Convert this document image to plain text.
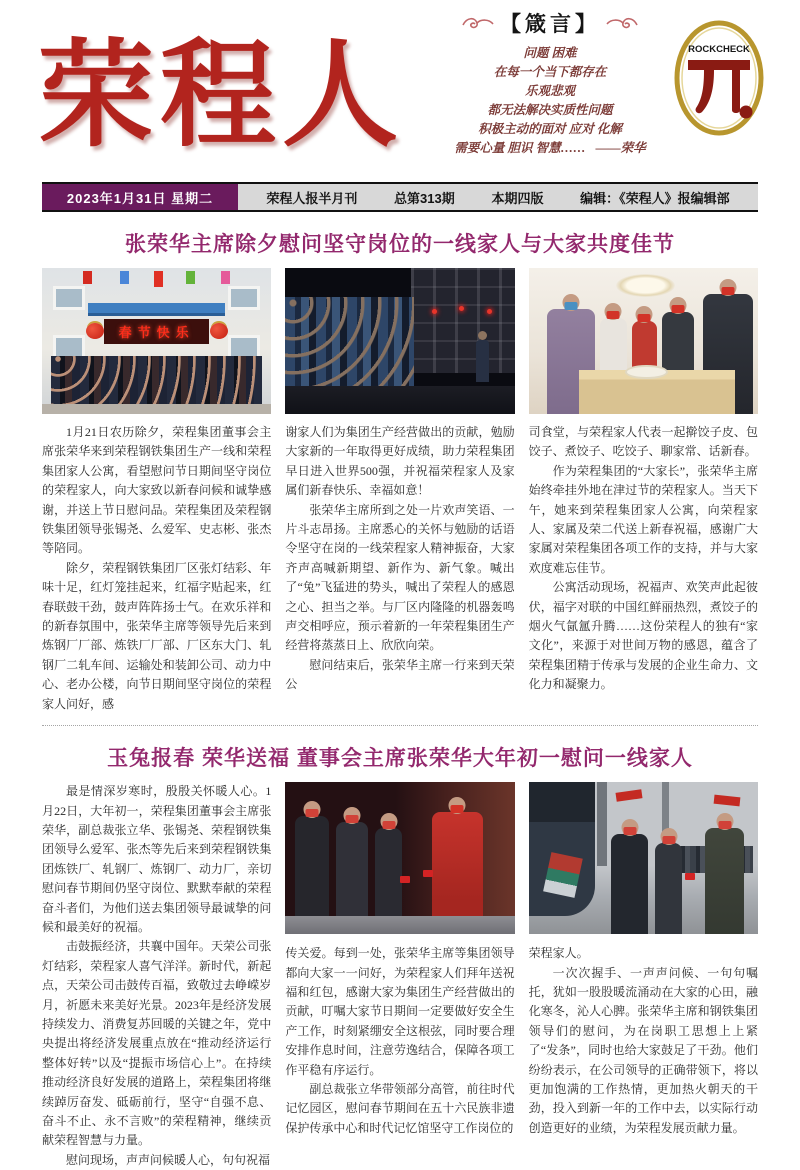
荣程人
【箴言】
问题 困难
在每一个当下都存在
乐观悲观
都无法解决实质性问题
积极主动的面对 应对 化解
需要心量 胆识 智慧…… ——荣华
ROCKCHECK
2023年1月31日 星期二	荣程人报半月刊	总第313期	本期四版	编辑：《荣程人》报编辑部
张荣华主席除夕慰问坚守岗位的一线家人与大家共度佳节
春节快乐

1月21日农历除夕，荣程集团董事会主席张荣华来到荣程钢铁集团生产一线和荣程集团家人公寓，看望慰问节日期间坚守岗位的荣程家人，向大家致以新春问候和诚挚感谢，并送上节日慰问品。荣程集团及荣程钢铁集团领导张锡尧、么爱军、史志彬、张杰等陪同。

除夕，荣程钢铁集团厂区张灯结彩、年味十足，红灯笼挂起来，红福字贴起来，红春联鼓干劲，鼓声阵阵扬士气。在欢乐祥和的新春氛围中，张荣华主席等领导先后来到炼钢厂厂部、炼铁厂厂部、厂区东大门、轧钢厂二轧车间、运输处和装卸公司、动力中心、老办公楼，向节日期间坚守岗位的荣程家人问好，感

谢家人们为集团生产经营做出的贡献，勉励大家新的一年取得更好成绩，助力荣程集团早日进入世界500强，并祝福荣程家人及家属们新春快乐、幸福如意！

张荣华主席所到之处一片欢声笑语、一片斗志昂扬。主席悉心的关怀与勉励的话语令坚守在岗的一线荣程家人精神振奋，大家齐声高喊新期望、新作为、新气象。喊出了“兔”飞猛进的势头，喊出了荣程人的感恩之心、担当之举。与厂区内隆隆的机器轰鸣声交相呼应，预示着新的一年荣程集团生产经营将蒸蒸日上、欣欣向荣。

慰问结束后，张荣华主席一行来到天荣公

司食堂，与荣程家人代表一起擀饺子皮、包饺子、煮饺子、吃饺子、聊家常、话新春。

作为荣程集团的“大家长”，张荣华主席始终牵挂外地在津过节的荣程家人。当天下午，她来到荣程集团家人公寓，向荣程家人、家属及荣二代送上新春祝福，感谢广大家属对荣程集团各项工作的支持，并与大家欢度难忘佳节。

公寓活动现场，祝福声、欢笑声此起彼伏，福字对联的中国红鲜丽热烈，煮饺子的烟火气氤氲升腾……这份荣程人的独有“家文化”，来源于对世间万物的感恩，蕴含了荣程集团精于传承与发展的企业生命力、文化力和凝聚力。

玉兔报春 荣华送福 董事会主席张荣华大年初一慰问一线家人

最是情深岁寒时，殷殷关怀暖人心。1月22日，大年初一，荣程集团董事会主席张荣华，副总裁张立华、张锡尧、荣程钢铁集团领导么爱军、张杰等先后来到荣程钢铁集团炼铁厂、轧钢厂、炼钢厂、动力厂，亲切慰问春节期间仍坚守岗位、默默奉献的荣程奋斗者们，为他们送去集团领导最诚挚的问候和最美好的祝福。

击鼓振经济，共襄中国年。天荣公司张灯结彩，荣程家人喜气洋洋。新时代，新起点，天荣公司击鼓传百福，致敬过去峥嵘岁月，祈愿未来美好光景。2023年是经济发展持续发力、消费复苏回暖的关键之年，党中央提出将经济发展重点放在“推动经济运行整体好转”以及“提振市场信心上”。在持续推动经济良好发展的道路上，荣程集团将继续踔厉奋发、砥砺前行，坚守“自强不息、奋斗不止、永不言败”的荣程精神，继续贡献荣程智慧与力量。

慰问现场，声声问候暖人心，句句祝福

传关爱。每到一处，张荣华主席等集团领导都向大家一一问好，为荣程家人们拜年送祝福和红包，感谢大家为集团生产经营做出的贡献，叮嘱大家节日期间一定要做好安全生产工作，时刻紧绷安全这根弦，同时要合理安排作息时间，注意劳逸结合，保障各项工作平稳有序运行。

副总裁张立华带领部分高管，前往时代记忆园区，慰问春节期间在五十六民族非遗保护传承中心和时代记忆馆坚守工作岗位的

荣程家人。

一次次握手、一声声问候、一句句嘱托，犹如一股股暖流涌动在大家的心田，融化寒冬，沁人心脾。张荣华主席和钢铁集团领导们的慰问，为在岗职工思想上上紧了“发条”，同时也给大家鼓足了干劲。他们纷纷表示，在公司领导的正确带领下，将以更加饱满的工作热情，更加热火朝天的干劲，投入到新一年的工作中去，以实际行动创造更好的业绩，为荣程发展贡献力量。
